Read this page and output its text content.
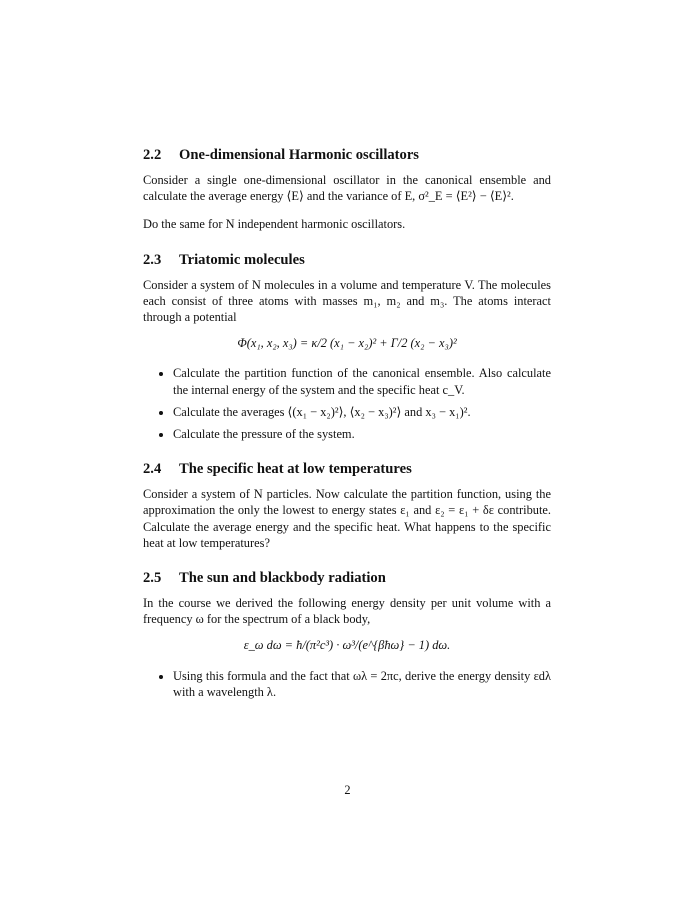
2.2 One-dimensional Harmonic oscillators

Consider a single one-dimensional oscillator in the canonical ensemble and calculate the average energy ⟨E⟩ and the variance of E, σ²_E = ⟨E²⟩ − ⟨E⟩².

Do the same for N independent harmonic oscillators.

2.3 Triatomic molecules

Consider a system of N molecules in a volume and temperature V. The molecules each consist of three atoms with masses m₁, m₂ and m₃. The atoms interact through a potential

Φ(x₁, x₂, x₃) = κ/2 (x₁ − x₂)² + Γ/2 (x₂ − x₃)²
• Calculate the partition function of the canonical ensemble. Also calculate the internal energy of the system and the specific heat c_V.
• Calculate the averages ⟨(x₁ − x₂)²⟩, ⟨x₂ − x₃)²⟩ and x₃ − x₁)².
• Calculate the pressure of the system.
2.4 The specific heat at low temperatures

Consider a system of N particles. Now calculate the partition function, using the approximation the only the lowest to energy states ε₁ and ε₂ = ε₁ + δε contribute. Calculate the average energy and the specific heat. What happens to the specific heat at low temperatures?

2.5 The sun and blackbody radiation

In the course we derived the following energy density per unit volume with a frequency ω for the spectrum of a black body,

ε_ω dω = ħ/(π²c³) · ω³/(e^{βħω} − 1) dω.
• Using this formula and the fact that ωλ = 2πc, derive the energy density εdλ with a wavelength λ.
2
